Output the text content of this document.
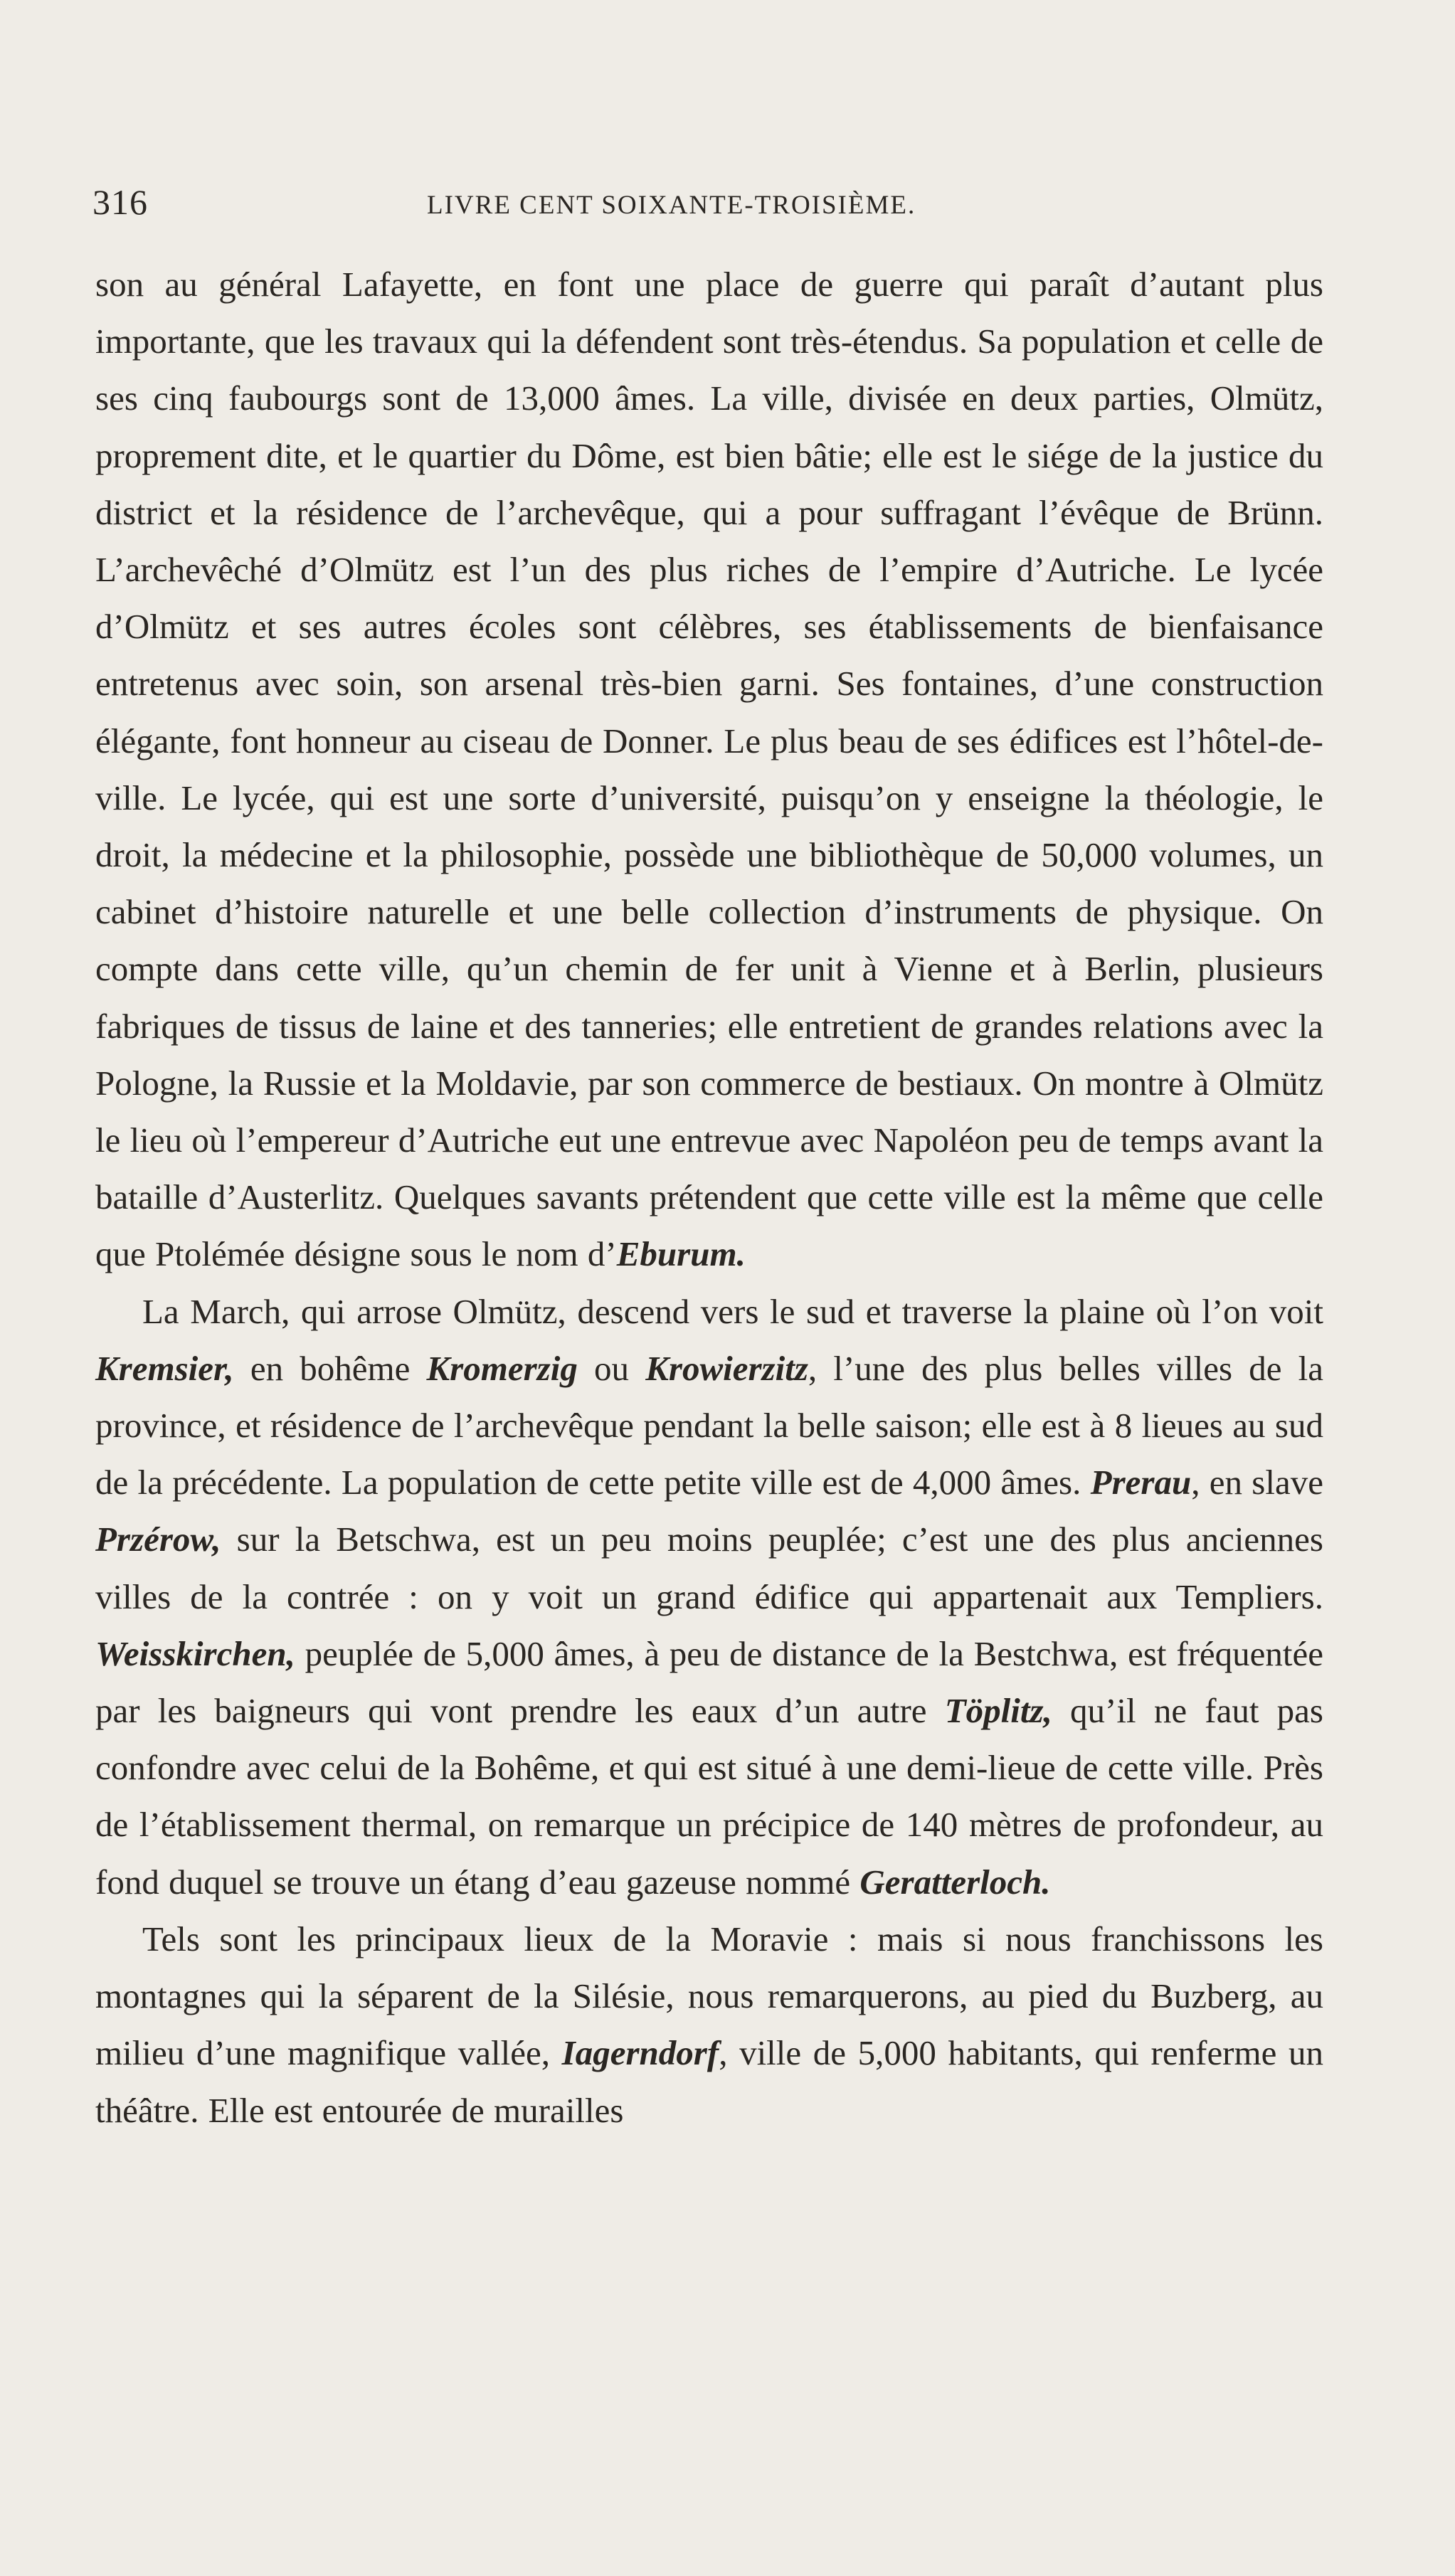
316	LIVRE CENT SOIXANTE-TROISIÈME.

son au général Lafayette, en font une place de guerre qui paraît d’autant plus importante, que les travaux qui la défendent sont très-étendus. Sa population et celle de ses cinq faubourgs sont de 13,000 âmes. La ville, divisée en deux parties, Olmütz, proprement dite, et le quartier du Dôme, est bien bâtie; elle est le siége de la justice du district et la résidence de l’archevêque, qui a pour suffragant l’évêque de Brünn. L’archevêché d’Olmütz est l’un des plus riches de l’empire d’Autriche. Le lycée d’Olmütz et ses autres écoles sont célèbres, ses établissements de bienfaisance entretenus avec soin, son arsenal très-bien garni. Ses fontaines, d’une construction élégante, font honneur au ciseau de Donner. Le plus beau de ses édifices est l’hôtel-de-ville. Le lycée, qui est une sorte d’université, puisqu’on y enseigne la théologie, le droit, la médecine et la philosophie, possède une bibliothèque de 50,000 volumes, un cabinet d’histoire naturelle et une belle collection d’instruments de physique. On compte dans cette ville, qu’un chemin de fer unit à Vienne et à Berlin, plusieurs fabriques de tissus de laine et des tanneries; elle entretient de grandes relations avec la Pologne, la Russie et la Moldavie, par son commerce de bestiaux. On montre à Olmütz le lieu où l’empereur d’Autriche eut une entrevue avec Napoléon peu de temps avant la bataille d’Austerlitz. Quelques savants prétendent que cette ville est la même que celle que Ptolémée désigne sous le nom d’Eburum.

La March, qui arrose Olmütz, descend vers le sud et traverse la plaine où l’on voit Kremsier, en bohême Kromerzig ou Krowierzitz, l’une des plus belles villes de la province, et résidence de l’archevêque pendant la belle saison; elle est à 8 lieues au sud de la précédente. La population de cette petite ville est de 4,000 âmes. Prerau, en slave Przérow, sur la Betschwa, est un peu moins peuplée; c’est une des plus anciennes villes de la contrée : on y voit un grand édifice qui appartenait aux Templiers. Weisskirchen, peuplée de 5,000 âmes, à peu de distance de la Bestchwa, est fréquentée par les baigneurs qui vont prendre les eaux d’un autre Töplitz, qu’il ne faut pas confondre avec celui de la Bohême, et qui est situé à une demi-lieue de cette ville. Près de l’établissement thermal, on remarque un précipice de 140 mètres de profondeur, au fond duquel se trouve un étang d’eau gazeuse nommé Geratterloch.

Tels sont les principaux lieux de la Moravie : mais si nous franchissons les montagnes qui la séparent de la Silésie, nous remarquerons, au pied du Buzberg, au milieu d’une magnifique vallée, Iagerndorf, ville de 5,000 habitants, qui renferme un théâtre. Elle est entourée de murailles
